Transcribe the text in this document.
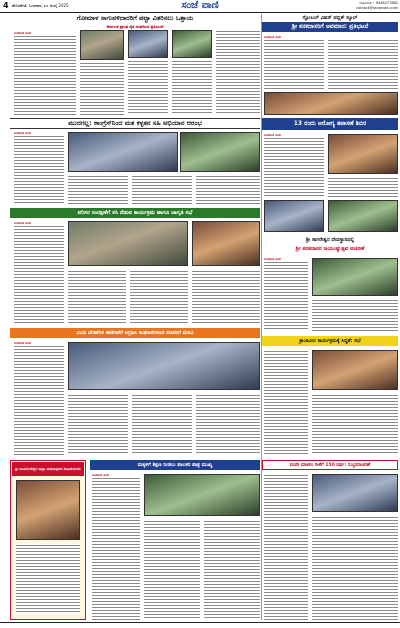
4 ಹೊಸಪೇಟೆ, ಬುಧವಾರ, ೩೦ ಜುಲೈ 2025	ಸಂಜೆ ವಾಣಿ	ಜಾಹೀರಾತು : 9448477882
contact@sanjevani.com
ಗೋಮಾಳ ಸಾಗುವಳಿದಾರರಿಗೆ ಪಟ್ಟಾ ವಿತರಿಸಲು ಒತ್ತಾಯ
ಕರ್ನಾಟಕ ಪ್ರಾಂತ ರೈತ ಸಂಘದಿಂದ ಪ್ರತಿಭಟನೆ
ಸಂಜೆವಾಣಿ ವಾರ್ತೆ
ಗ್ಲೋಬಲ್ ವಿಷನ್ ಪಬ್ಲಿಕ್ ಸ್ಕೂಲ್
ಶ್ರೀ ಕನಕದಾಸರಿಗೆ ಅವಮಾನ: ಪ್ರತಿಭಟನೆ
ಸಂಜೆವಾಣಿ ವಾರ್ತೆ
ಮುದಗಲ್ಲ: ಕಾಂಗ್ರೆಸ್‌ನಿಂದ ಮತ ಕಳ್ಳತನ ಸಹಿ ಅಭಿಯಾನ ಆರಂಭ
ಸಂಜೆವಾಣಿ ವಾರ್ತೆ
13 ರಂದು ಆರೋಗ್ಯ ತಪಾಸಣೆ ಶಿಬಿರ
ಸಂಜೆವಾಣಿ ವಾರ್ತೆ
ಪರಿಸರ ಸಂರಕ್ಷಣೆಗೆ ಸಸಿ ನೆಡುವ ಕಾರ್ಯಕ್ರಮ ಹಾಗೂ ಜಾಗೃತಿ ಸಭೆ
ಸಂಜೆವಾಣಿ ವಾರ್ತೆ
ಶ್ರೀ ಸಾಗರೇಶ್ವರ ದೇವಸ್ಥಾನದಲ್ಲಿ
ಶ್ರೀ ಕನಕದಾಸರ ಜಯಂತ್ಯುತ್ಸವ ಆಚರಣೆ
ಸಂಜೆವಾಣಿ ವಾರ್ತೆ
ವಿವಿಧ ಬೇಡಿಕೆಗಳ ಈಡೇರಿಕೆಗೆ ಆಗ್ರಹಿಸಿ ಸಂಘಟನೆಗಳಿಂದ ಸಚಿವರಿಗೆ ಮನವಿ
ಸಂಜೆವಾಣಿ ವಾರ್ತೆ	ಕ್ರಾಂತಿವೀರ ಕಾರ್ಯಕ್ರಮಕ್ಕೆ ಸಿದ್ಧತೆ: ಸಭೆ
ಶ್ರೀ ರಾಮಲಿಂಗೇಶ್ವರ ಜಾತ್ರಾ ಮಹೋತ್ಸವದ ಶುಭಾಶಯಗಳು
ಮಕ್ಕಳಿಗೆ ಶಿಕ್ಷಣ ನೀಡಲು ಪಾಲಕರ ಪಾತ್ರ ಮುಖ್ಯ
ಸಂಜೆವಾಣಿ ವಾರ್ತೆ
ವಂದೇ ಮಾತರಂ ಗೀತೆಗೆ 150 ವರ್ಷ: ಸಂಭ್ರಮಾಚರಣೆ
